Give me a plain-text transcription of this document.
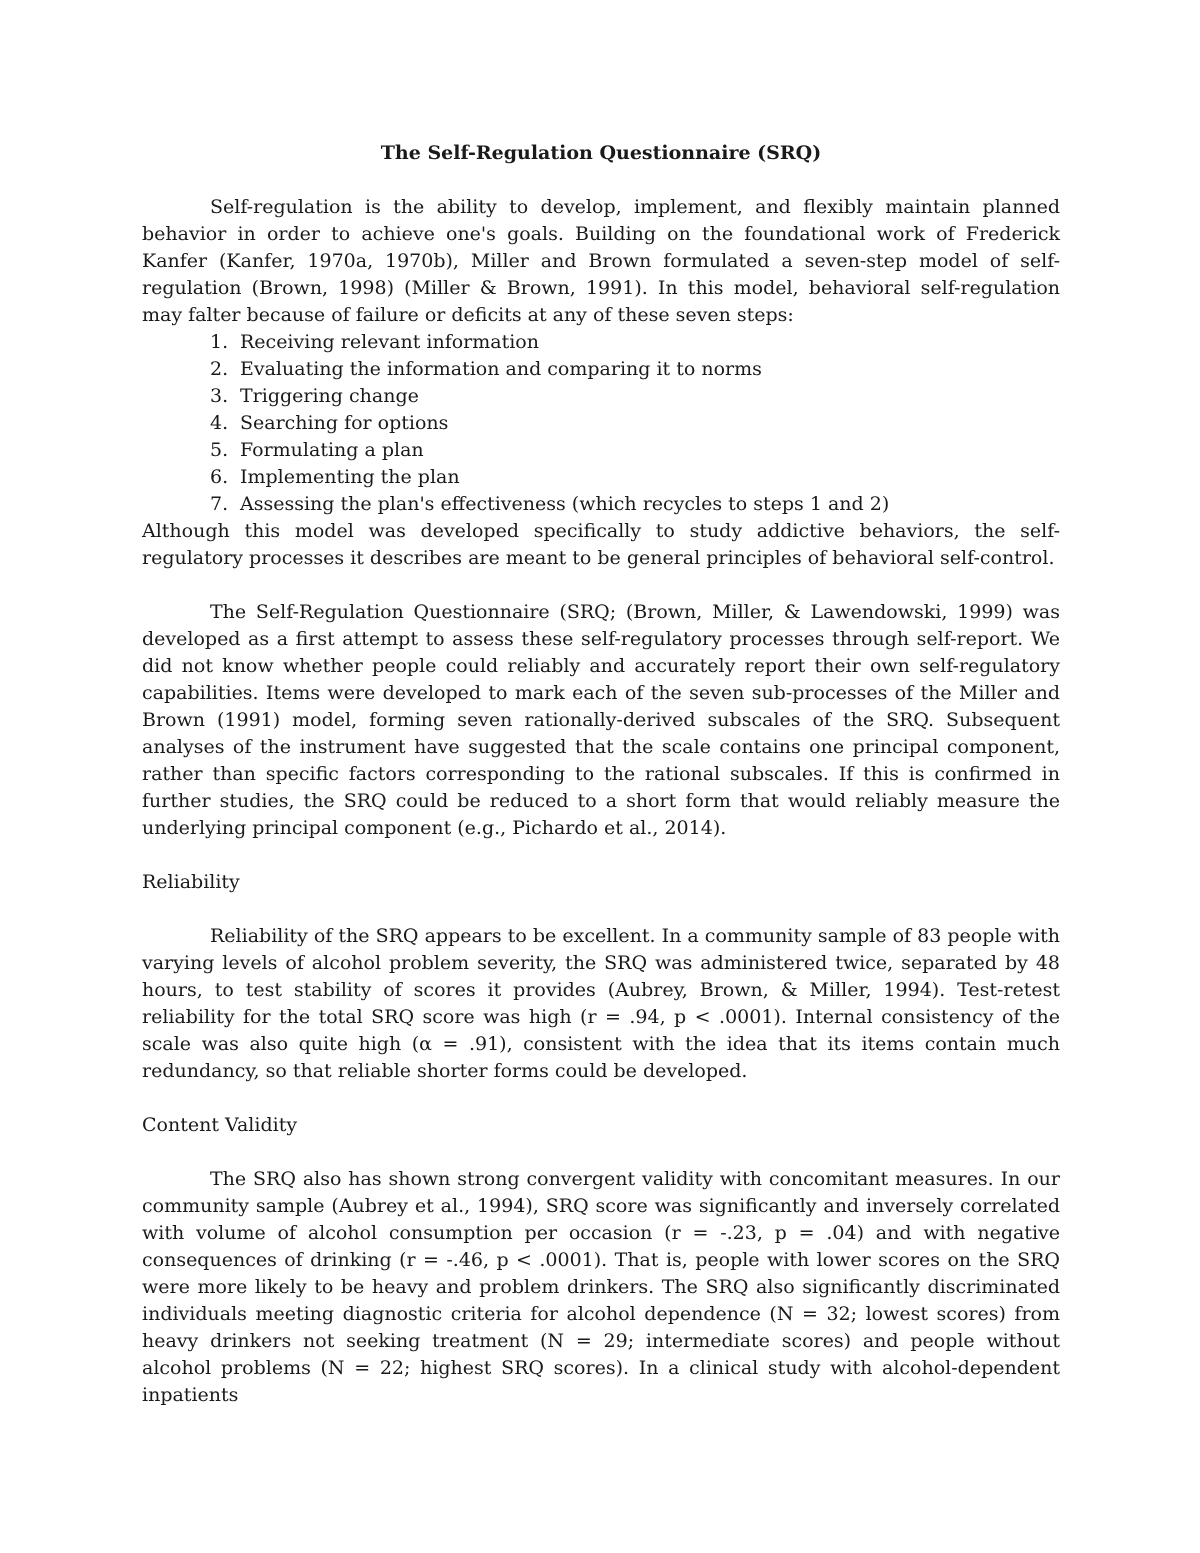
The Self-Regulation Questionnaire (SRQ)

Self-regulation is the ability to develop, implement, and flexibly maintain planned behavior in order to achieve one's goals. Building on the foundational work of Frederick Kanfer (Kanfer, 1970a, 1970b), Miller and Brown formulated a seven-step model of self-regulation (Brown, 1998) (Miller & Brown, 1991). In this model, behavioral self-regulation may falter because of failure or deficits at any of these seven steps:

1. Receiving relevant information
2. Evaluating the information and comparing it to norms
3. Triggering change
4. Searching for options
5. Formulating a plan
6. Implementing the plan
7. Assessing the plan's effectiveness (which recycles to steps 1 and 2)

Although this model was developed specifically to study addictive behaviors, the self-regulatory processes it describes are meant to be general principles of behavioral self-control.

The Self-Regulation Questionnaire (SRQ; (Brown, Miller, & Lawendowski, 1999) was developed as a first attempt to assess these self-regulatory processes through self-report. We did not know whether people could reliably and accurately report their own self-regulatory capabilities. Items were developed to mark each of the seven sub-processes of the Miller and Brown (1991) model, forming seven rationally-derived subscales of the SRQ. Subsequent analyses of the instrument have suggested that the scale contains one principal component, rather than specific factors corresponding to the rational subscales. If this is confirmed in further studies, the SRQ could be reduced to a short form that would reliably measure the underlying principal component (e.g., Pichardo et al., 2014).

Reliability

Reliability of the SRQ appears to be excellent. In a community sample of 83 people with varying levels of alcohol problem severity, the SRQ was administered twice, separated by 48 hours, to test stability of scores it provides (Aubrey, Brown, & Miller, 1994). Test-retest reliability for the total SRQ score was high (r = .94, p < .0001). Internal consistency of the scale was also quite high (α = .91), consistent with the idea that its items contain much redundancy, so that reliable shorter forms could be developed.

Content Validity

The SRQ also has shown strong convergent validity with concomitant measures. In our community sample (Aubrey et al., 1994), SRQ score was significantly and inversely correlated with volume of alcohol consumption per occasion (r = -.23, p = .04) and with negative consequences of drinking (r = -.46, p < .0001). That is, people with lower scores on the SRQ were more likely to be heavy and problem drinkers. The SRQ also significantly discriminated individuals meeting diagnostic criteria for alcohol dependence (N = 32; lowest scores) from heavy drinkers not seeking treatment (N = 29; intermediate scores) and people without alcohol problems (N = 22; highest SRQ scores). In a clinical study with alcohol-dependent inpatients
